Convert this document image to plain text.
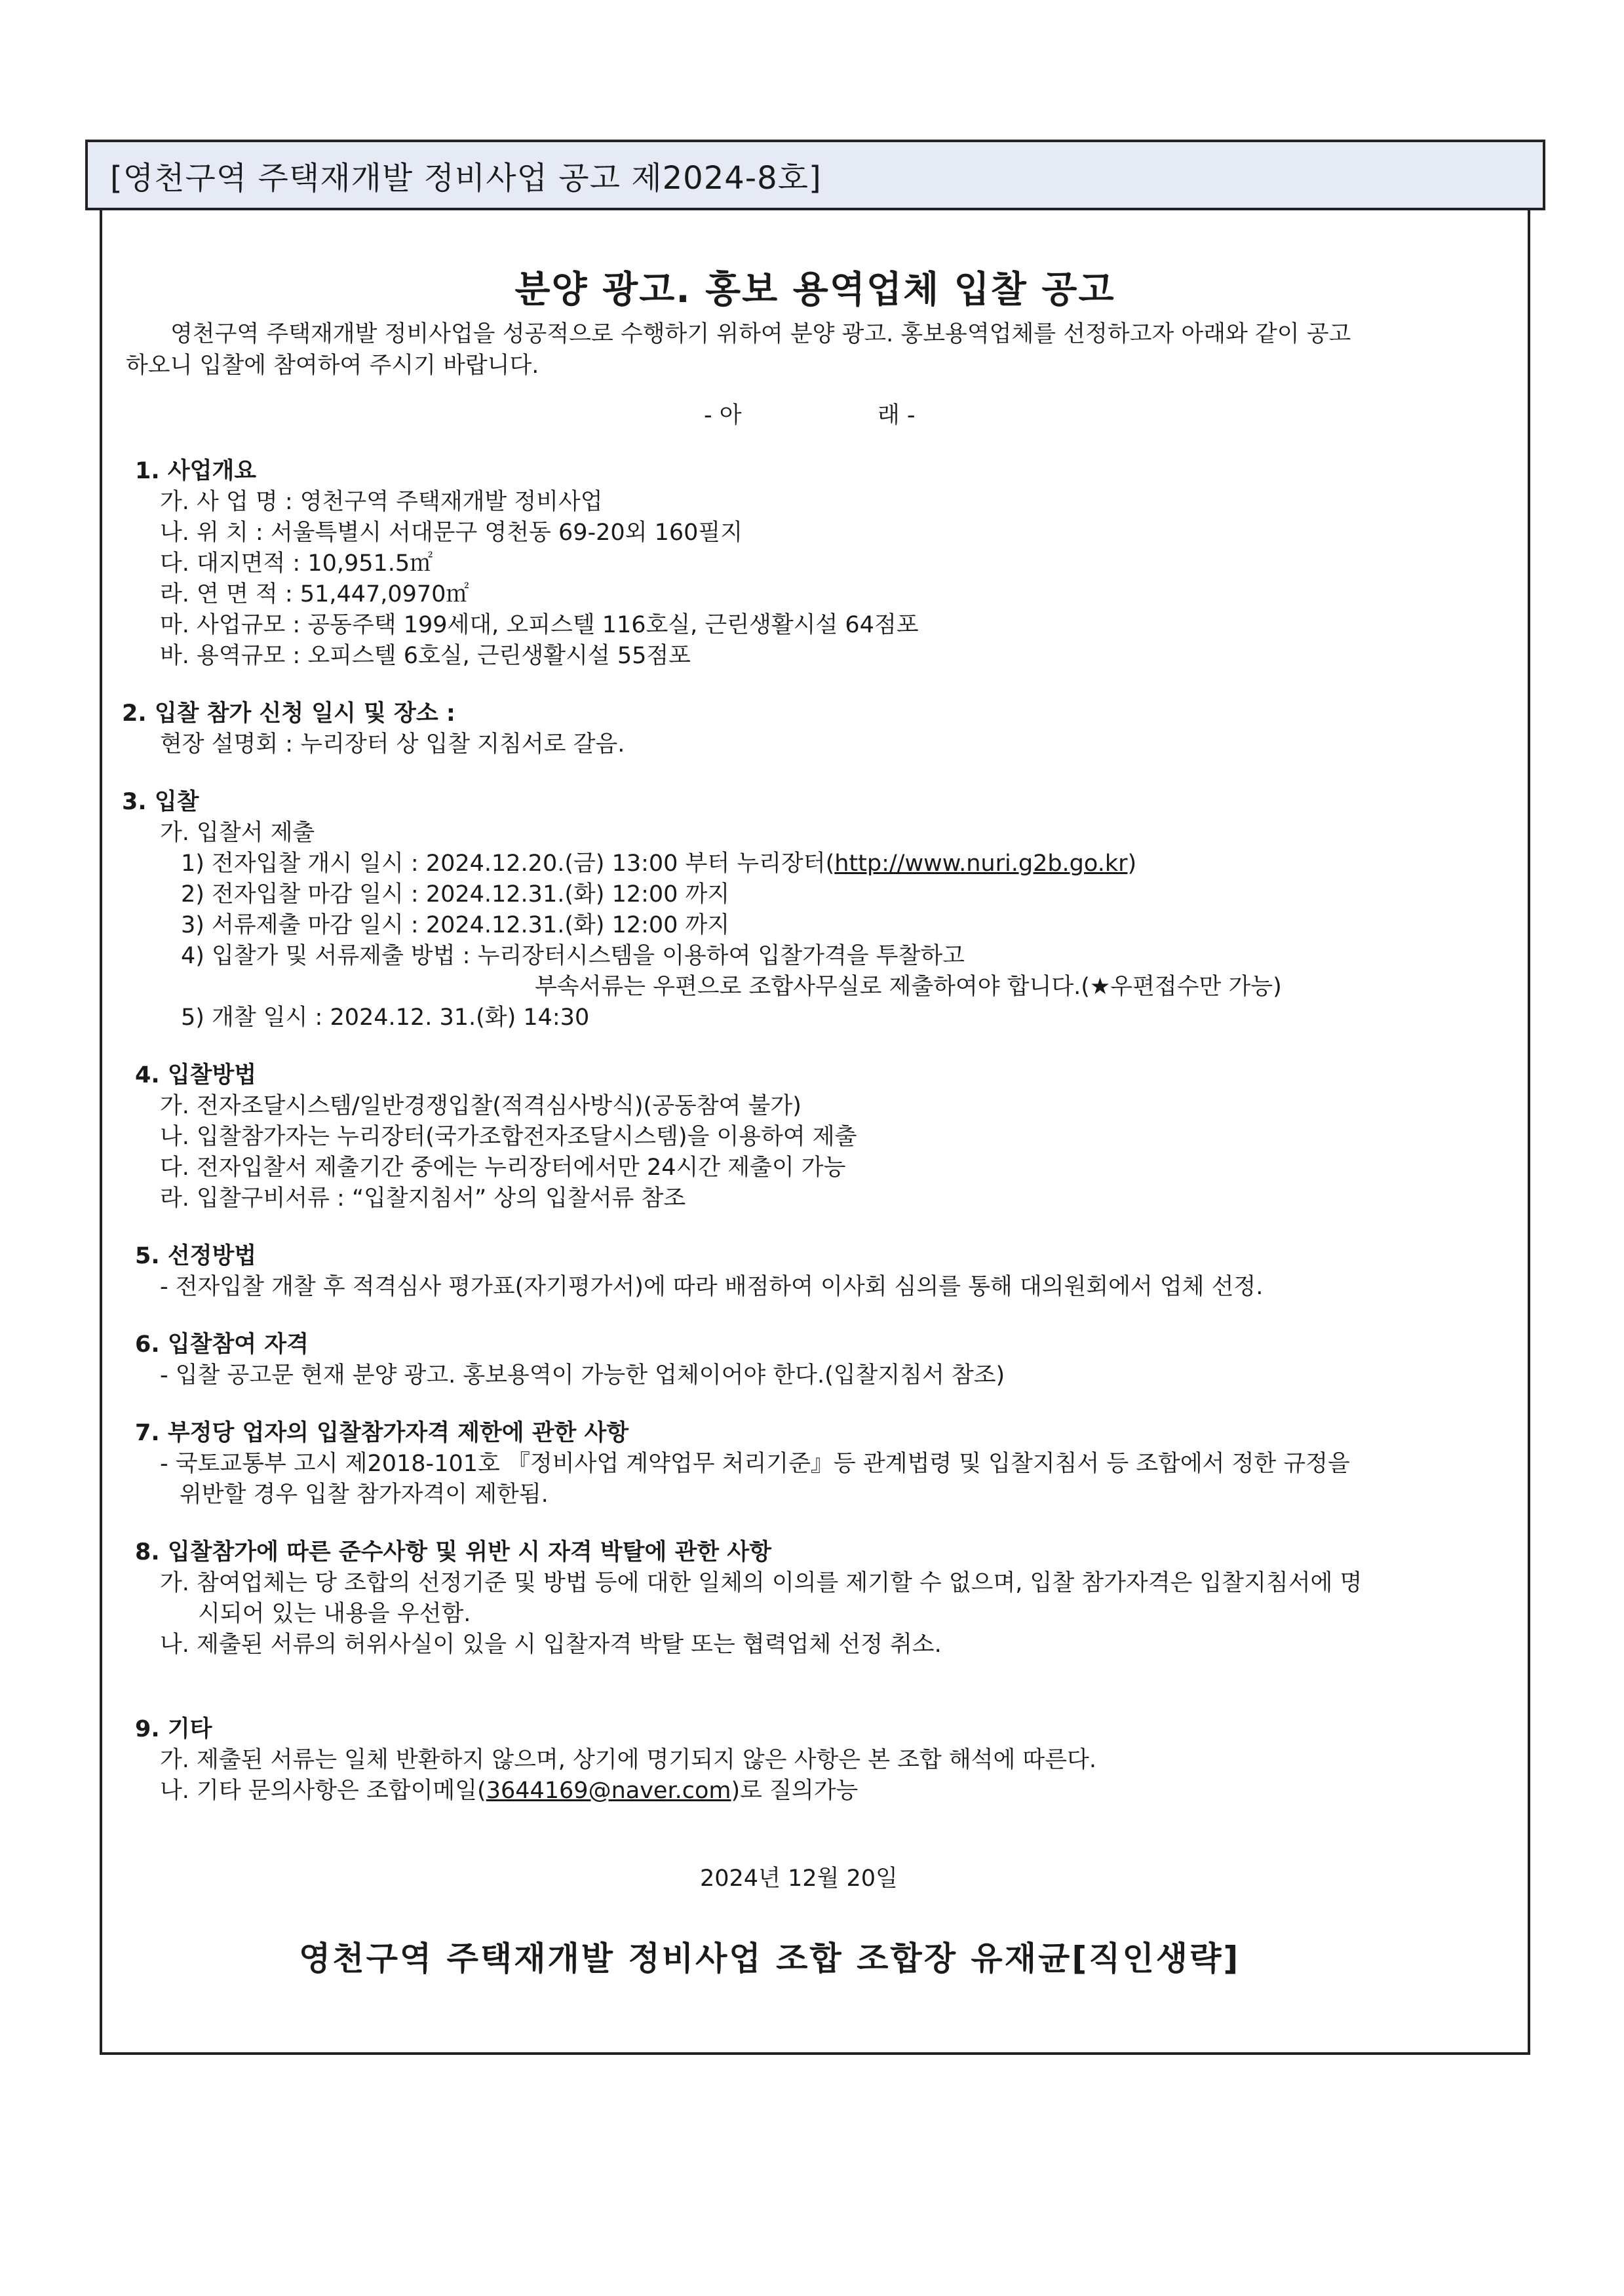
[영천구역 주택재개발 정비사업 공고 제2024-8호]
분양 광고. 홍보 용역업체 입찰 공고
영천구역 주택재개발 정비사업을 성공적으로 수행하기 위하여 분양 광고. 홍보용역업체를 선정하고자 아래와 같이 공고
하오니 입찰에 참여하여 주시기 바랍니다.
- 아	래 -
1. 사업개요
가. 사 업 명 : 영천구역 주택재개발 정비사업
나. 위 치 : 서울특별시 서대문구 영천동 69-20외 160필지
다. 대지면적 : 10,951.5㎡
라. 연 면 적 : 51,447,0970㎡
마. 사업규모 : 공동주택 199세대, 오피스텔 116호실, 근린생활시설 64점포
바. 용역규모 : 오피스텔 6호실, 근린생활시설 55점포
2. 입찰 참가 신청 일시 및 장소 :
현장 설명회 : 누리장터 상 입찰 지침서로 갈음.
3. 입찰
가. 입찰서 제출
1) 전자입찰 개시 일시 : 2024.12.20.(금) 13:00 부터 누리장터(http://www.nuri.g2b.go.kr)
2) 전자입찰 마감 일시 : 2024.12.31.(화) 12:00 까지
3) 서류제출 마감 일시 : 2024.12.31.(화) 12:00 까지
4) 입찰가 및 서류제출 방법 : 누리장터시스템을 이용하여 입찰가격을 투찰하고
부속서류는 우편으로 조합사무실로 제출하여야 합니다.(★우편접수만 가능)
5) 개찰 일시 : 2024.12. 31.(화) 14:30
4. 입찰방법
가. 전자조달시스템/일반경쟁입찰(적격심사방식)(공동참여 불가)
나. 입찰참가자는 누리장터(국가조합전자조달시스템)을 이용하여 제출
다. 전자입찰서 제출기간 중에는 누리장터에서만 24시간 제출이 가능
라. 입찰구비서류 : “입찰지침서” 상의 입찰서류 참조
5. 선정방법
- 전자입찰 개찰 후 적격심사 평가표(자기평가서)에 따라 배점하여 이사회 심의를 통해 대의원회에서 업체 선정.
6. 입찰참여 자격
- 입찰 공고문 현재 분양 광고. 홍보용역이 가능한 업체이어야 한다.(입찰지침서 참조)
7. 부정당 업자의 입찰참가자격 제한에 관한 사항
- 국토교통부 고시 제2018-101호 『정비사업 계약업무 처리기준』등 관계법령 및 입찰지침서 등 조합에서 정한 규정을
위반할 경우 입찰 참가자격이 제한됨.
8. 입찰참가에 따른 준수사항 및 위반 시 자격 박탈에 관한 사항
가. 참여업체는 당 조합의 선정기준 및 방법 등에 대한 일체의 이의를 제기할 수 없으며, 입찰 참가자격은 입찰지침서에 명
시되어 있는 내용을 우선함.
나. 제출된 서류의 허위사실이 있을 시 입찰자격 박탈 또는 협력업체 선정 취소.
9. 기타
가. 제출된 서류는 일체 반환하지 않으며, 상기에 명기되지 않은 사항은 본 조합 해석에 따른다.
나. 기타 문의사항은 조합이메일(3644169@naver.com)로 질의가능
2024년 12월 20일
영천구역 주택재개발 정비사업 조합 조합장 유재균[직인생략]
